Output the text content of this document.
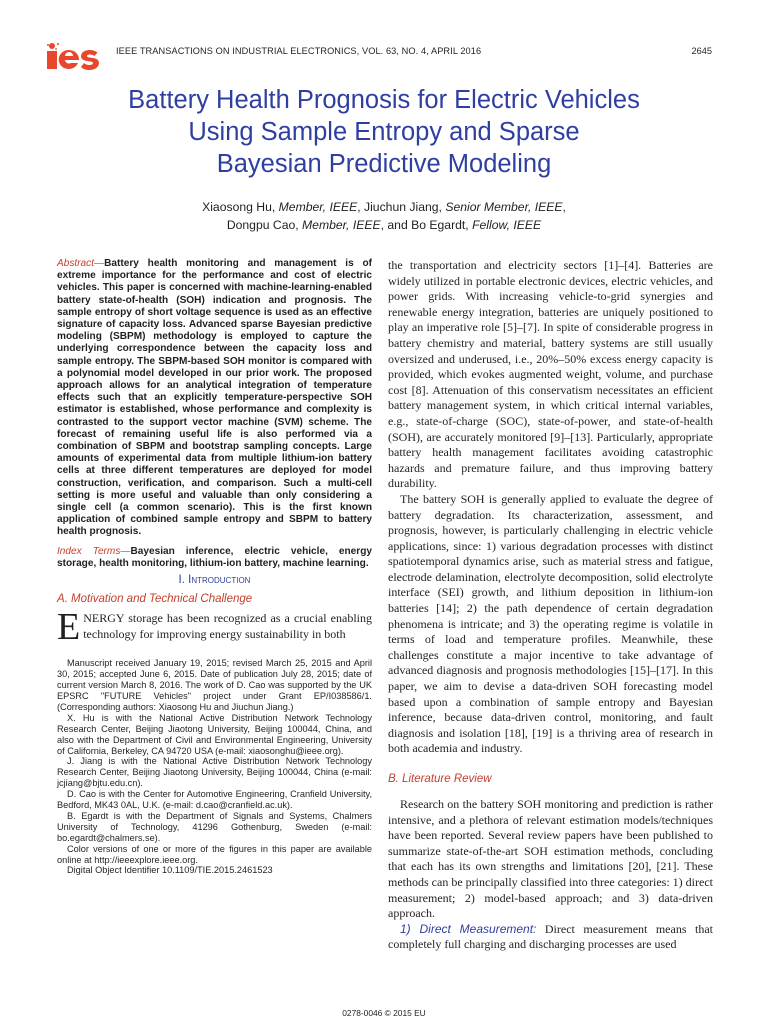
IEEE TRANSACTIONS ON INDUSTRIAL ELECTRONICS, VOL. 63, NO. 4, APRIL 2016	2645
Battery Health Prognosis for Electric Vehicles
Using Sample Entropy and Sparse
Bayesian Predictive Modeling
Xiaosong Hu, Member, IEEE, Jiuchun Jiang, Senior Member, IEEE,
Dongpu Cao, Member, IEEE, and Bo Egardt, Fellow, IEEE

Abstract—Battery health monitoring and management is of extreme importance for the performance and cost of electric vehicles. This paper is concerned with machine-learning-enabled battery state-of-health (SOH) indication and prognosis. The sample entropy of short voltage sequence is used as an effective signature of capacity loss. Advanced sparse Bayesian predictive modeling (SBPM) methodology is employed to capture the underlying correspondence between the capacity loss and sample entropy. The SBPM-based SOH monitor is compared with a polynomial model developed in our prior work. The proposed approach allows for an analytical integration of temperature effects such that an explicitly temperature-perspective SOH estimator is established, whose performance and complexity is contrasted to the support vector machine (SVM) scheme. The forecast of remaining useful life is also performed via a combination of SBPM and bootstrap sampling concepts. Large amounts of experimental data from multiple lithium-ion battery cells at three different temperatures are deployed for model construction, verification, and comparison. Such a multi-cell setting is more useful and valuable than only considering a single cell (a common scenario). This is the first known application of combined sample entropy and SBPM to battery health prognosis.

Index Terms—Bayesian inference, electric vehicle, energy storage, health monitoring, lithium-ion battery, machine learning.

I. Introduction
A. Motivation and Technical Challenge

ENERGY storage has been recognized as a crucial enabling technology for improving energy sustainability in both

Manuscript received January 19, 2015; revised March 25, 2015 and April 30, 2015; accepted June 6, 2015. Date of publication July 28, 2015; date of current version March 8, 2016. The work of D. Cao was supported by the UK EPSRC "FUTURE Vehicles" project under Grant EP/I038586/1. (Corresponding authors: Xiaosong Hu and Jiuchun Jiang.)

X. Hu is with the National Active Distribution Network Technology Research Center, Beijing Jiaotong University, Beijing 100044, China, and also with the Department of Civil and Environmental Engineering, University of California, Berkeley, CA 94720 USA (e-mail: xiaosonghu@ieee.org).

J. Jiang is with the National Active Distribution Network Technology Research Center, Beijing Jiaotong University, Beijing 100044, China (e-mail: jcjiang@bjtu.edu.cn).

D. Cao is with the Center for Automotive Engineering, Cranfield University, Bedford, MK43 0AL, U.K. (e-mail: d.cao@cranfield.ac.uk).

B. Egardt is with the Department of Signals and Systems, Chalmers University of Technology, 41296 Gothenburg, Sweden (e-mail: bo.egardt@chalmers.se).

Color versions of one or more of the figures in this paper are available online at http://ieeexplore.ieee.org.

Digital Object Identifier 10.1109/TIE.2015.2461523

the transportation and electricity sectors [1]–[4]. Batteries are widely utilized in portable electronic devices, electric vehicles, and power grids. With increasing vehicle-to-grid synergies and renewable energy integration, batteries are uniquely positioned to play an imperative role [5]–[7]. In spite of considerable progress in battery chemistry and material, battery systems are still usually oversized and underused, i.e., 20%–50% excess energy capacity is provided, which evokes augmented weight, volume, and purchase cost [8]. Attenuation of this conservatism necessitates an efficient battery management system, in which critical internal variables, e.g., state-of-charge (SOC), state-of-power, and state-of-health (SOH), are accurately monitored [9]–[13]. Particularly, appropriate battery health management facilitates avoiding catastrophic hazards and premature failure, and thus improving battery durability.

The battery SOH is generally applied to evaluate the degree of battery degradation. Its characterization, assessment, and prognosis, however, is particularly challenging in electric vehicle applications, since: 1) various degradation processes with distinct spatiotemporal dynamics arise, such as material stress and fatigue, electrode delamination, electrolyte decomposition, solid electrolyte interface (SEI) growth, and lithium deposition in lithium-ion batteries [14]; 2) the path dependence of certain degradation phenomena is intricate; and 3) the operating regime is volatile in terms of load and temperature profiles. Meanwhile, these challenges constitute a major incentive to take advantage of advanced diagnosis and prognosis methodologies [15]–[17]. In this paper, we aim to devise a data-driven SOH forecasting model based upon a combination of sample entropy and Bayesian inference, because data-driven control, monitoring, and fault diagnosis and isolation [18], [19] is a thriving area of research in both academia and industry.

B. Literature Review

Research on the battery SOH monitoring and prediction is rather intensive, and a plethora of relevant estimation models/techniques have been reported. Several review papers have been published to summarize state-of-the-art SOH estimation methods, concluding that each has its own strengths and limitations [20], [21]. These methods can be principally classified into three categories: 1) direct measurement; 2) model-based approach; and 3) data-driven approach.

1) Direct Measurement: Direct measurement means that completely full charging and discharging processes are used

0278-0046 © 2015 EU
